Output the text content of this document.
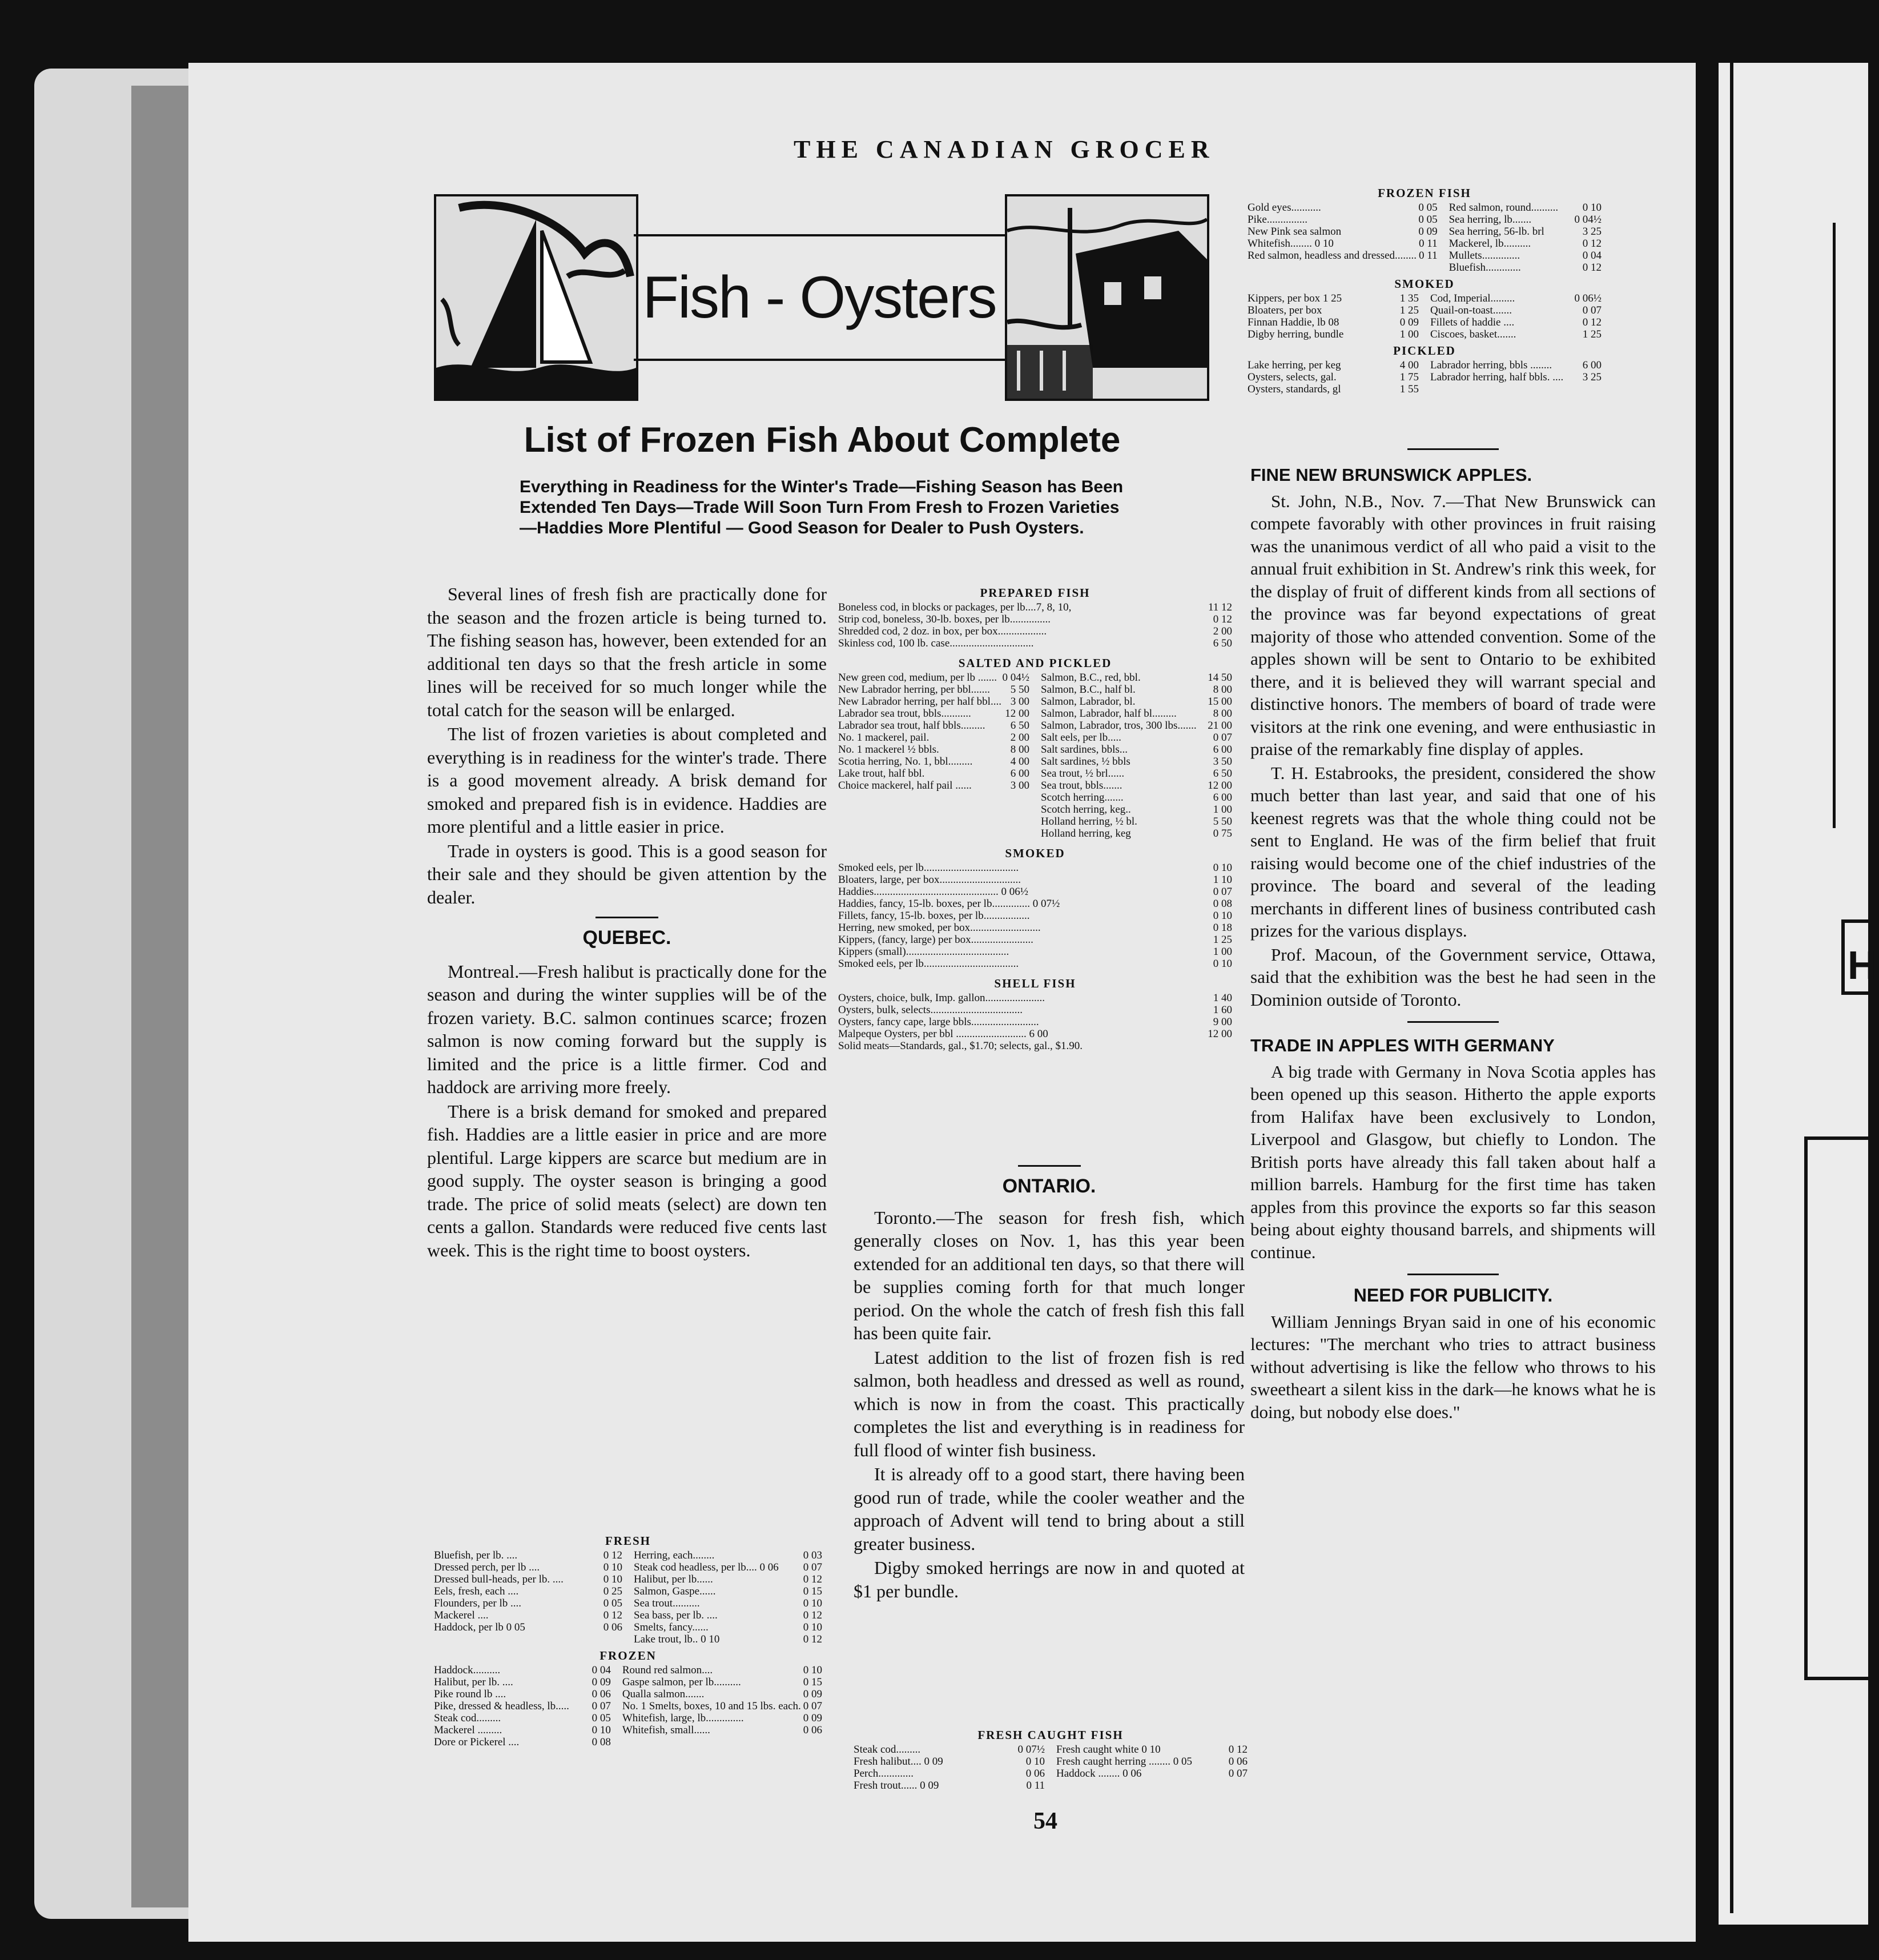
H
THE CANADIAN GROCER
Fish - Oysters
List of Frozen Fish About Complete
Everything in Readiness for the Winter's Trade—Fishing Season has Been Extended Ten Days—Trade Will Soon Turn From Fresh to Frozen Varieties—Haddies More Plentiful — Good Season for Dealer to Push Oysters.

Several lines of fresh fish are practically done for the season and the frozen article is being turned to. The fishing season has, however, been extended for an additional ten days so that the fresh article in some lines will be received for so much longer while the total catch for the season will be enlarged.

The list of frozen varieties is about completed and everything is in readiness for the winter's trade. There is a good movement already. A brisk demand for smoked and prepared fish is in evidence. Haddies are more plentiful and a little easier in price.

Trade in oysters is good. This is a good season for their sale and they should be given attention by the dealer.

QUEBEC.

Montreal.—Fresh halibut is practically done for the season and during the winter supplies will be of the frozen variety. B.C. salmon continues scarce; frozen salmon is now coming forward but the supply is limited and the price is a little firmer. Cod and haddock are arriving more freely.

There is a brisk demand for smoked and prepared fish. Haddies are a little easier in price and are more plentiful. Large kippers are scarce but medium are in good supply. The oyster season is bringing a good trade. The price of solid meats (select) are down ten cents a gallon. Standards were reduced five cents last week. This is the right time to boost oysters.

FRESH
Bluefish, per lb. ....	0 12
Dressed perch, per lb ....	0 10
Dressed bull-heads, per lb. ....	0 10
Eels, fresh, each ....	0 25
Flounders, per lb ....	0 05
Mackerel ....	0 12
Haddock, per lb 0 05	0 06
Herring, each........	0 03
Steak cod headless, per lb.... 0 06	0 07
Halibut, per lb......	0 12
Salmon, Gaspe......	0 15
Sea trout..........	0 10
Sea bass, per lb. ....	0 12
Smelts, fancy......	0 10
Lake trout, lb.. 0 10	0 12
FROZEN
Haddock..........	0 04
Halibut, per lb. ....	0 09
Pike round lb ....	0 06
Pike, dressed & headless, lb.....	0 07
Steak cod.........	0 05
Mackerel .........	0 10
Dore or Pickerel ....	0 08
Round red salmon....	0 10
Gaspe salmon, per lb..........	0 15
Qualla salmon.......	0 09
No. 1 Smelts, boxes, 10 and 15 lbs. each. 0 07
Whitefish, large, lb..............	0 09
Whitefish, small......	0 06
PREPARED FISH
Boneless cod, in blocks or packages, per lb....7, 8, 10,	11 12
Strip cod, boneless, 30-lb. boxes, per lb...............	0 12
Shredded cod, 2 doz. in box, per box..................	2 00
Skinless cod, 100 lb. case...............................	6 50
SALTED AND PICKLED
New green cod, medium, per lb ....... 0 04½
New Labrador herring, per bbl.......	5 50
New Labrador herring, per half bbl.... 3 00
Labrador sea trout, bbls...........	12 00
Labrador sea trout, half bbls.........	6 50
No. 1 mackerel, pail.	2 00
No. 1 mackerel ½ bbls.	8 00
Scotia herring, No. 1, bbl.........	4 00
Lake trout, half bbl.	6 00
Choice mackerel, half pail ......	3 00
Salmon, B.C., red, bbl.	14 50
Salmon, B.C., half bl.	8 00
Salmon, Labrador, bl.	15 00
Salmon, Labrador, half bl.........	8 00
Salmon, Labrador, tros, 300 lbs.......	21 00
Salt eels, per lb.....	0 07
Salt sardines, bbls...	6 00
Salt sardines, ½ bbls	3 50
Sea trout, ½ brl......	6 50
Sea trout, bbls.......	12 00
Scotch herring.......	6 00
Scotch herring, keg..	1 00
Holland herring, ½ bl.	5 50
Holland herring, keg	0 75
SMOKED
Smoked eels, per lb...................................	0 10
Bloaters, large, per box..............................	1 10
Haddies.............................................. 0 06½	0 07
Haddies, fancy, 15-lb. boxes, per lb.............. 0 07½	0 08
Fillets, fancy, 15-lb. boxes, per lb.................	0 10
Herring, new smoked, per box..........................	0 18
Kippers, (fancy, large) per box.......................	1 25
Kippers (small)......................................	1 00
Smoked eels, per lb...................................	0 10
SHELL FISH
Oysters, choice, bulk, Imp. gallon......................	1 40
Oysters, bulk, selects..................................	1 60
Oysters, fancy cape, large bbls.........................	9 00
Malpeque Oysters, per bbl .......................... 6 00	12 00
Solid meats—Standards, gal., $1.70; selects, gal., $1.90.
ONTARIO.

Toronto.—The season for fresh fish, which generally closes on Nov. 1, has this year been extended for an additional ten days, so that there will be supplies coming forth for that much longer period. On the whole the catch of fresh fish this fall has been quite fair.

Latest addition to the list of frozen fish is red salmon, both headless and dressed as well as round, which is now in from the coast. This practically completes the list and everything is in readiness for full flood of winter fish business.

It is already off to a good start, there having been good run of trade, while the cooler weather and the approach of Advent will tend to bring about a still greater business.

Digby smoked herrings are now in and quoted at $1 per bundle.

FRESH CAUGHT FISH
Steak cod.........	0 07½
Fresh halibut.... 0 09	0 10
Perch.............	0 06
Fresh trout...... 0 09	0 11
Fresh caught white 0 10	0 12
Fresh caught herring ........ 0 05	0 06
Haddock ........ 0 06	0 07
54
FROZEN FISH
Gold eyes...........	0 05
Pike...............	0 05
New Pink sea salmon	0 09
Whitefish........ 0 10	0 11
Red salmon, headless and dressed........ 0 11
Red salmon, round..........	0 10
Sea herring, lb.......	0 04½
Sea herring, 56-lb. brl	3 25
Mackerel, lb..........	0 12
Mullets..............	0 04
Bluefish.............	0 12
SMOKED
Kippers, per box 1 25	1 35
Bloaters, per box	1 25
Finnan Haddie, lb 08	0 09
Digby herring, bundle	1 00
Cod, Imperial.........	0 06½
Quail-on-toast.......	0 07
Fillets of haddie ....	0 12
Ciscoes, basket.......	1 25
PICKLED
Lake herring, per keg	4 00
Oysters, selects, gal.	1 75
Oysters, standards, gl	1 55
Labrador herring, bbls ........	6 00
Labrador herring, half bbls. ....	3 25
FINE NEW BRUNSWICK APPLES.

St. John, N.B., Nov. 7.—That New Brunswick can compete favorably with other provinces in fruit raising was the unanimous verdict of all who paid a visit to the annual fruit exhibition in St. Andrew's rink this week, for the display of fruit of different kinds from all sections of the province was far beyond expectations of great majority of those who attended convention. Some of the apples shown will be sent to Ontario to be exhibited there, and it is believed they will warrant special and distinctive honors. The members of board of trade were visitors at the rink one evening, and were enthusiastic in praise of the remarkably fine display of apples.

T. H. Estabrooks, the president, considered the show much better than last year, and said that one of his keenest regrets was that the whole thing could not be sent to England. He was of the firm belief that fruit raising would become one of the chief industries of the province. The board and several of the leading merchants in different lines of business contributed cash prizes for the various displays.

Prof. Macoun, of the Government service, Ottawa, said that the exhibition was the best he had seen in the Dominion outside of Toronto.

TRADE IN APPLES WITH GERMANY

A big trade with Germany in Nova Scotia apples has been opened up this season. Hitherto the apple exports from Halifax have been exclusively to London, Liverpool and Glasgow, but chiefly to London. The British ports have already this fall taken about half a million barrels. Hamburg for the first time has taken apples from this province the exports so far this season being about eighty thousand barrels, and shipments will continue.

NEED FOR PUBLICITY.

William Jennings Bryan said in one of his economic lectures: "The merchant who tries to attract business without advertising is like the fellow who throws to his sweetheart a silent kiss in the dark—he knows what he is doing, but nobody else does."
